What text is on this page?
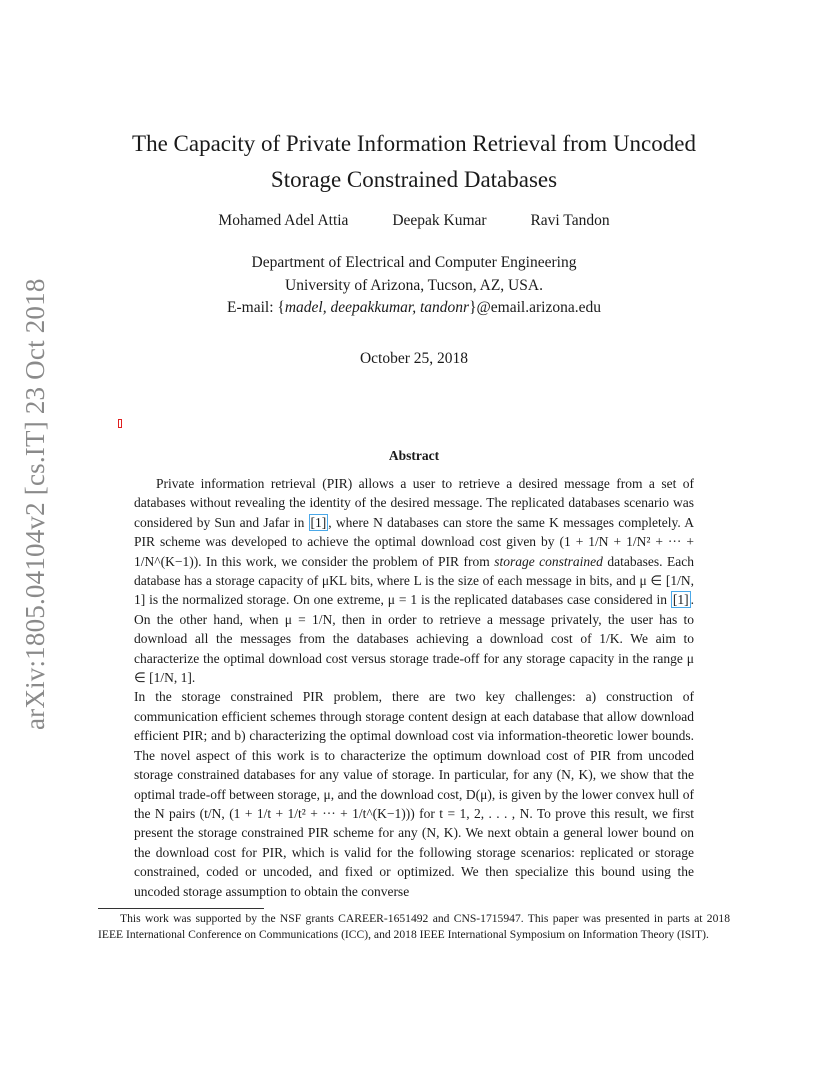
arXiv:1805.04104v2 [cs.IT] 23 Oct 2018
The Capacity of Private Information Retrieval from Uncoded
Storage Constrained Databases
Mohamed Adel Attia	Deepak Kumar	Ravi Tandon
Department of Electrical and Computer Engineering
University of Arizona, Tucson, AZ, USA.
E-mail: {madel, deepakkumar, tandonr}@email.arizona.edu
October 25, 2018
Abstract

Private information retrieval (PIR) allows a user to retrieve a desired message from a set of databases without revealing the identity of the desired message. The replicated databases scenario was considered by Sun and Jafar in [1] , where N databases can store the same K messages completely. A PIR scheme was developed to achieve the optimal download cost given by (1 + 1/N + 1/N² + ··· + 1/N^(K−1)). In this work, we consider the problem of PIR from storage constrained databases. Each database has a storage capacity of μKL bits, where L is the size of each message in bits, and μ ∈ [1/N, 1] is the normalized storage. On one extreme, μ = 1 is the replicated databases case considered in [1] . On the other hand, when μ = 1/N, then in order to retrieve a message privately, the user has to download all the messages from the databases achieving a download cost of 1/K. We aim to characterize the optimal download cost versus storage trade-off for any storage capacity in the range μ ∈ [1/N, 1].

In the storage constrained PIR problem, there are two key challenges: a) construction of communication efficient schemes through storage content design at each database that allow download efficient PIR; and b) characterizing the optimal download cost via information-theoretic lower bounds. The novel aspect of this work is to characterize the optimum download cost of PIR from uncoded storage constrained databases for any value of storage. In particular, for any (N, K), we show that the optimal trade-off between storage, μ, and the download cost, D(μ), is given by the lower convex hull of the N pairs (t/N, (1 + 1/t + 1/t² + ··· + 1/t^(K−1))) for t = 1, 2, . . . , N. To prove this result, we first present the storage constrained PIR scheme for any (N, K). We next obtain a general lower bound on the download cost for PIR, which is valid for the following storage scenarios: replicated or storage constrained, coded or uncoded, and fixed or optimized. We then specialize this bound using the uncoded storage assumption to obtain the converse

This work was supported by the NSF grants CAREER-1651492 and CNS-1715947. This paper was presented in parts at 2018 IEEE International Conference on Communications (ICC), and 2018 IEEE International Symposium on Information Theory (ISIT).
